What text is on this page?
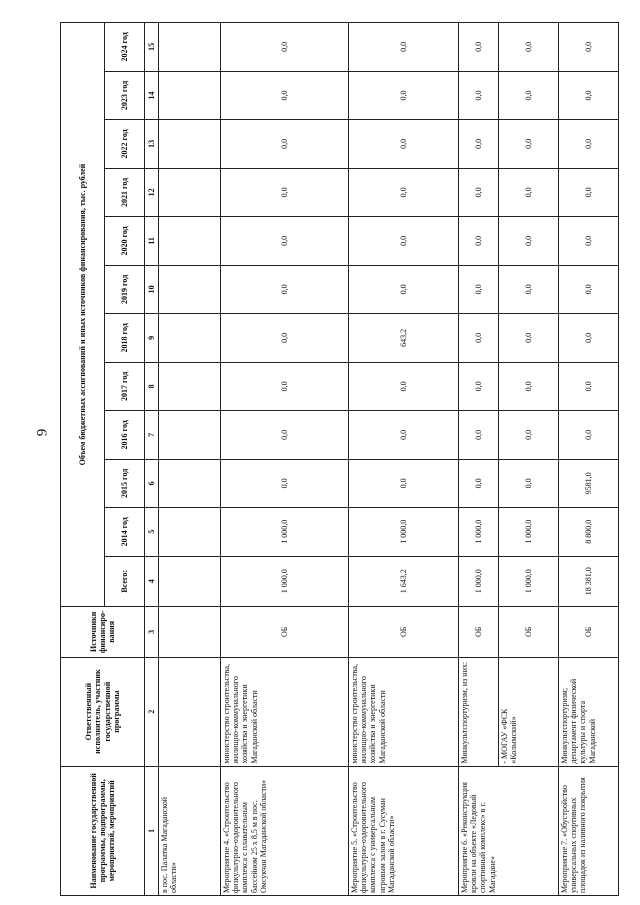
9
Наименование государственной программы, подпрограммы, мероприятий, мероприятий	Ответственный исполнитель, участник государственной программы	Источники финансиро-вания	Объем бюджетных ассигнований и иных источников финансирования, тыс. рублей											
			Всего:	2014 год	2015 год	2016 год	2017 год	2018 год	2019 год	2020 год	2021 год	2022 год	2023 год	2024 год
1	2	3	4	5	6	7	8	9	10	11	12	13	14	15
в пос. Палатка Магаданской области»														
Мероприятие 4. «Строительство физкультурно-оздоровительного комплекса с плавательным бассейном 25 х 8,5 м в пос. Омсукчан Магаданской области»	министерство строительства, жилищно-коммунального хозяйства и энергетики Магаданской области	ОБ	1 000,0	1 000,0	0,0	0,0	0,0	0,0	0,0	0,0	0,0	0,0	0,0	0,0
Мероприятие 5. «Строительство физкультурно-оздоровительного комплекса с универсальным игровым залом в г. Сусуман Магаданской области»	министерство строительства, жилищно-коммунального хозяйства и энергетики Магаданской области	ОБ	1 643,2	1 000,0	0,0	0,0	0,0	643,2	0,0	0,0	0,0	0,0	0,0	0,0
Мероприятие 6. «Реконструкция кровли на объекте «Ледовый спортивный комплекс» в г. Магадане»	Минкультспортуризм, из них:	ОБ	1 000,0	1 000,0	0,0	0,0	0,0	0,0	0,0	0,0	0,0	0,0	0,0	0,0
	- МОГАУ «ФСК «Колымский»	ОБ	1 000,0	1 000,0	0,0	0,0	0,0	0,0	0,0	0,0	0,0	0,0	0,0	0,0
Мероприятие 7. «Обустройство универсальных спортивных площадок из наливного покрытия	Минкультспортуризм; департамент физической культуры и спорта Магаданской	ОБ	18 381,0	8 800,0	9581,0	0,0	0,0	0,0	0,0	0,0	0,0	0,0	0,0	0,0
